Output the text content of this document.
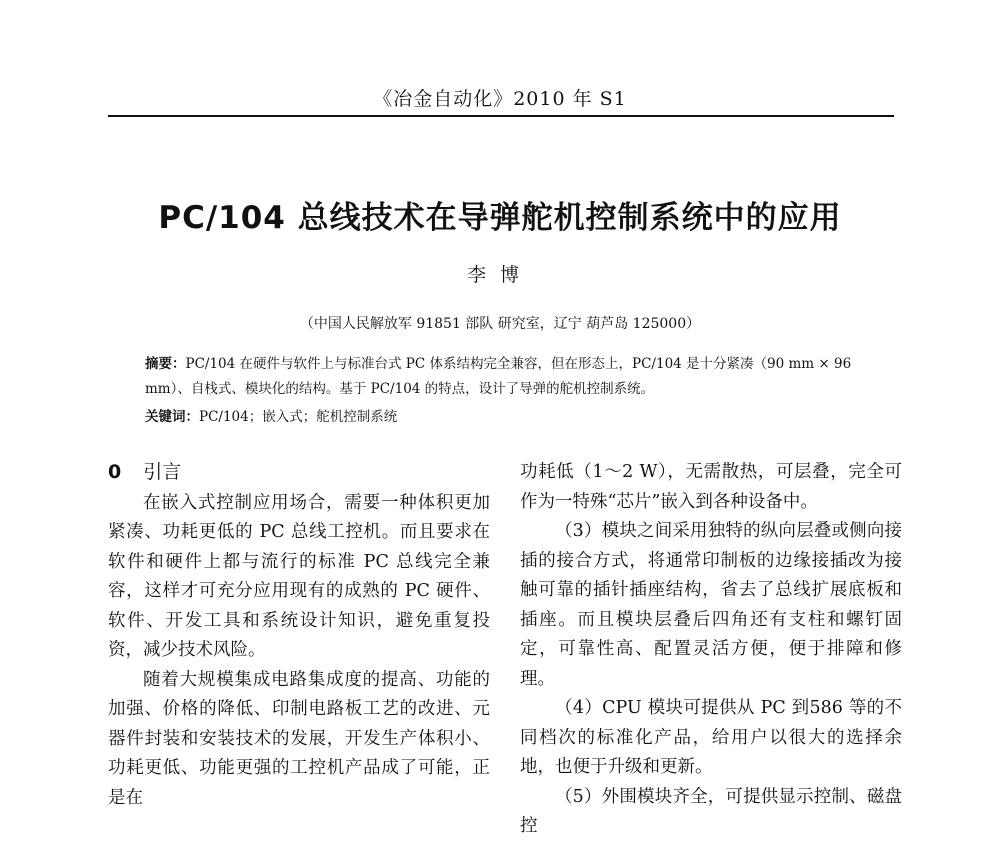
《冶金自动化》2010 年 S1
PC/104 总线技术在导弹舵机控制系统中的应用
李博
（中国人民解放军 91851 部队 研究室，辽宁 葫芦岛 125000）
摘要：PC/104 在硬件与软件上与标准台式 PC 体系结构完全兼容，但在形态上，PC/104 是十分紧凑（90 mm × 96 mm）、自栈式、模块化的结构。基于 PC/104 的特点，设计了导弹的舵机控制系统。
关键词：PC/104；嵌入式；舵机控制系统
0 引言

在嵌入式控制应用场合，需要一种体积更加紧凑、功耗更低的 PC 总线工控机。而且要求在软件和硬件上都与流行的标准 PC 总线完全兼容，这样才可充分应用现有的成熟的 PC 硬件、软件、开发工具和系统设计知识，避免重复投资，减少技术风险。

随着大规模集成电路集成度的提高、功能的加强、价格的降低、印制电路板工艺的改进、元器件封装和安装技术的发展，开发生产体积小、功耗更低、功能更强的工控机产品成了可能，正是在

功耗低（1～2 W），无需散热，可层叠，完全可作为一特殊“芯片”嵌入到各种设备中。

（3）模块之间采用独特的纵向层叠或侧向接插的接合方式，将通常印制板的边缘接插改为接触可靠的插针插座结构，省去了总线扩展底板和插座。而且模块层叠后四角还有支柱和螺钉固定，可靠性高、配置灵活方便，便于排障和修理。

（4）CPU 模块可提供从 PC 到586 等的不同档次的标准化产品，给用户以很大的选择余地，也便于升级和更新。

（5）外围模块齐全，可提供显示控制、磁盘控
